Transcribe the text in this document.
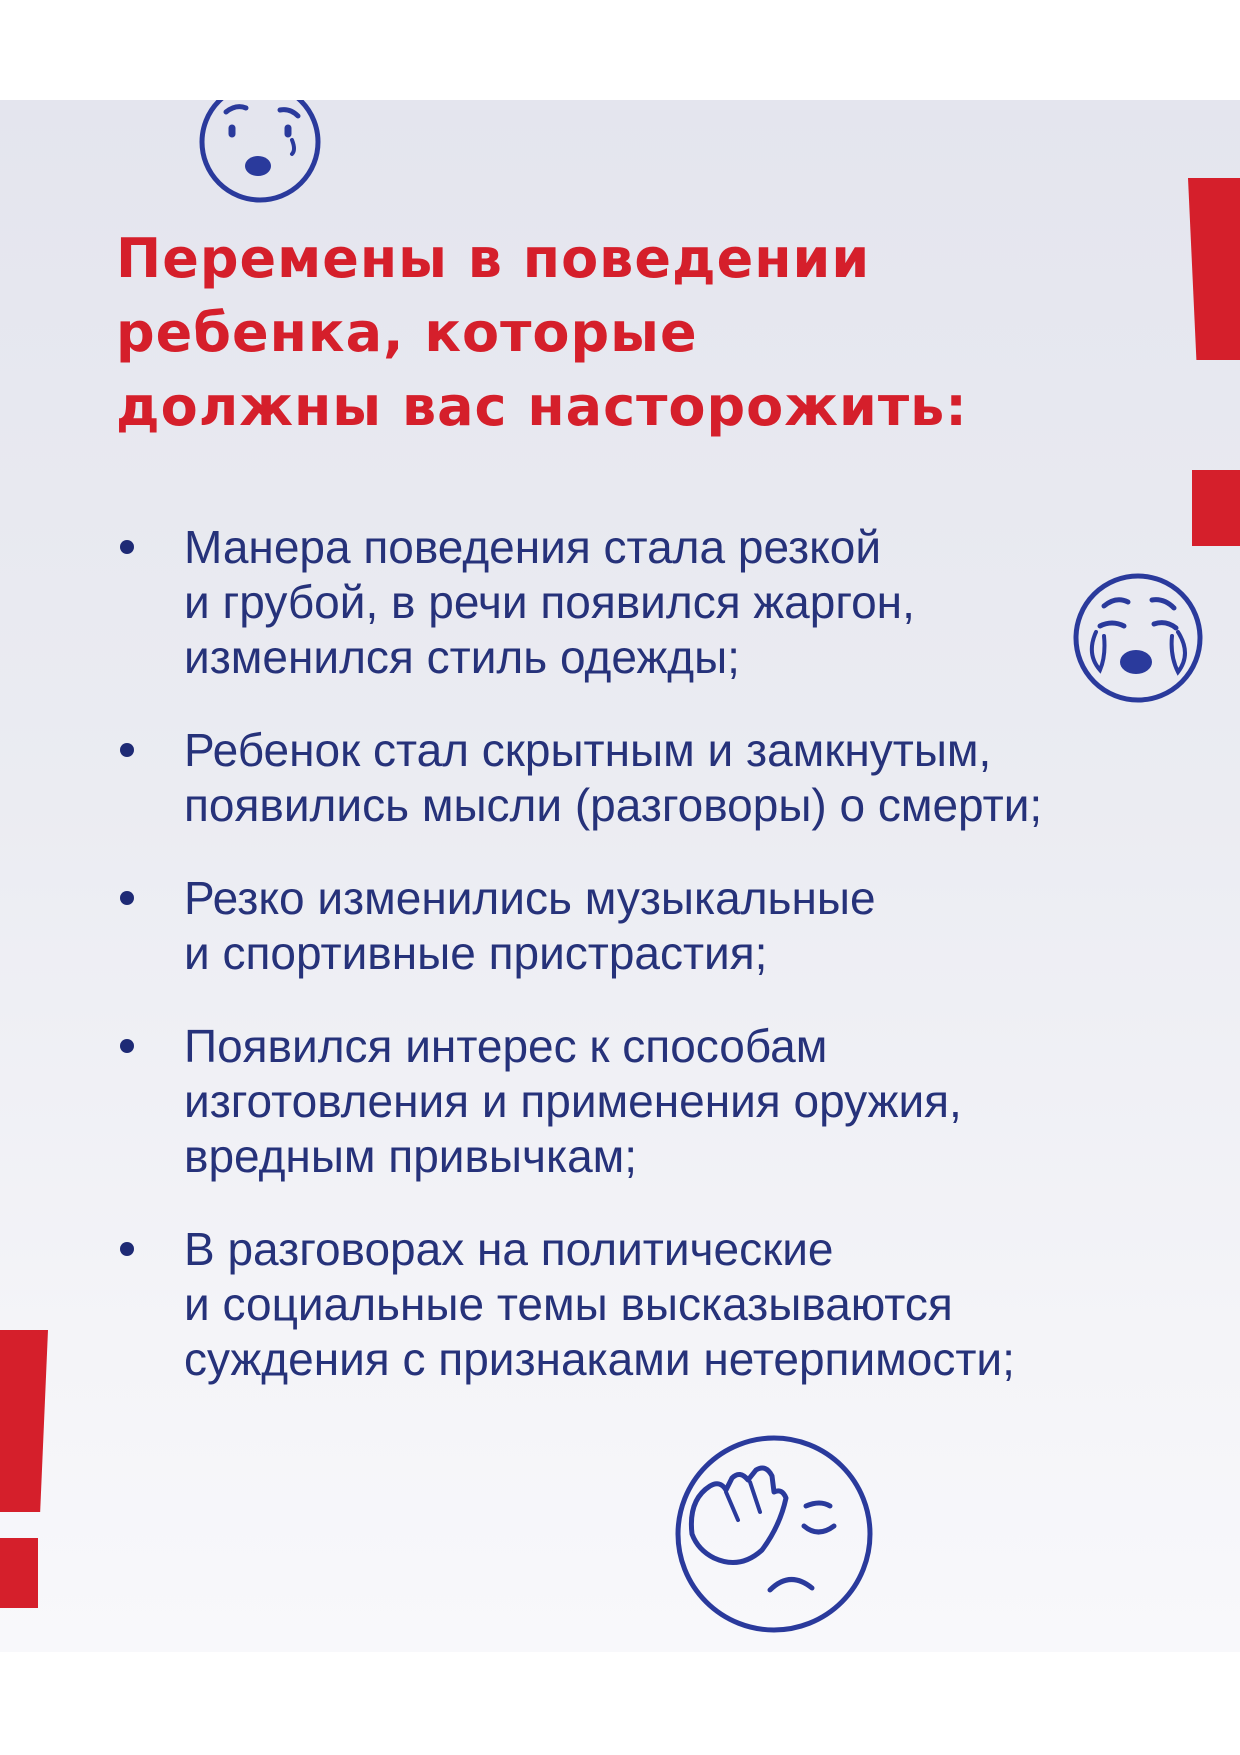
Перемены в поведении
ребенка, которые
должны вас насторожить:
Манера поведения стала резкой
и грубой, в речи появился жаргон,
изменился стиль одежды;
Ребенок стал скрытным и замкнутым,
появились мысли (разговоры) о смерти;
Резко изменились музыкальные
и спортивные пристрастия;
Появился интерес к способам
изготовления и применения оружия,
вредным привычкам;
В разговорах на политические
и социальные темы высказываются
суждения с признаками нетерпимости;
